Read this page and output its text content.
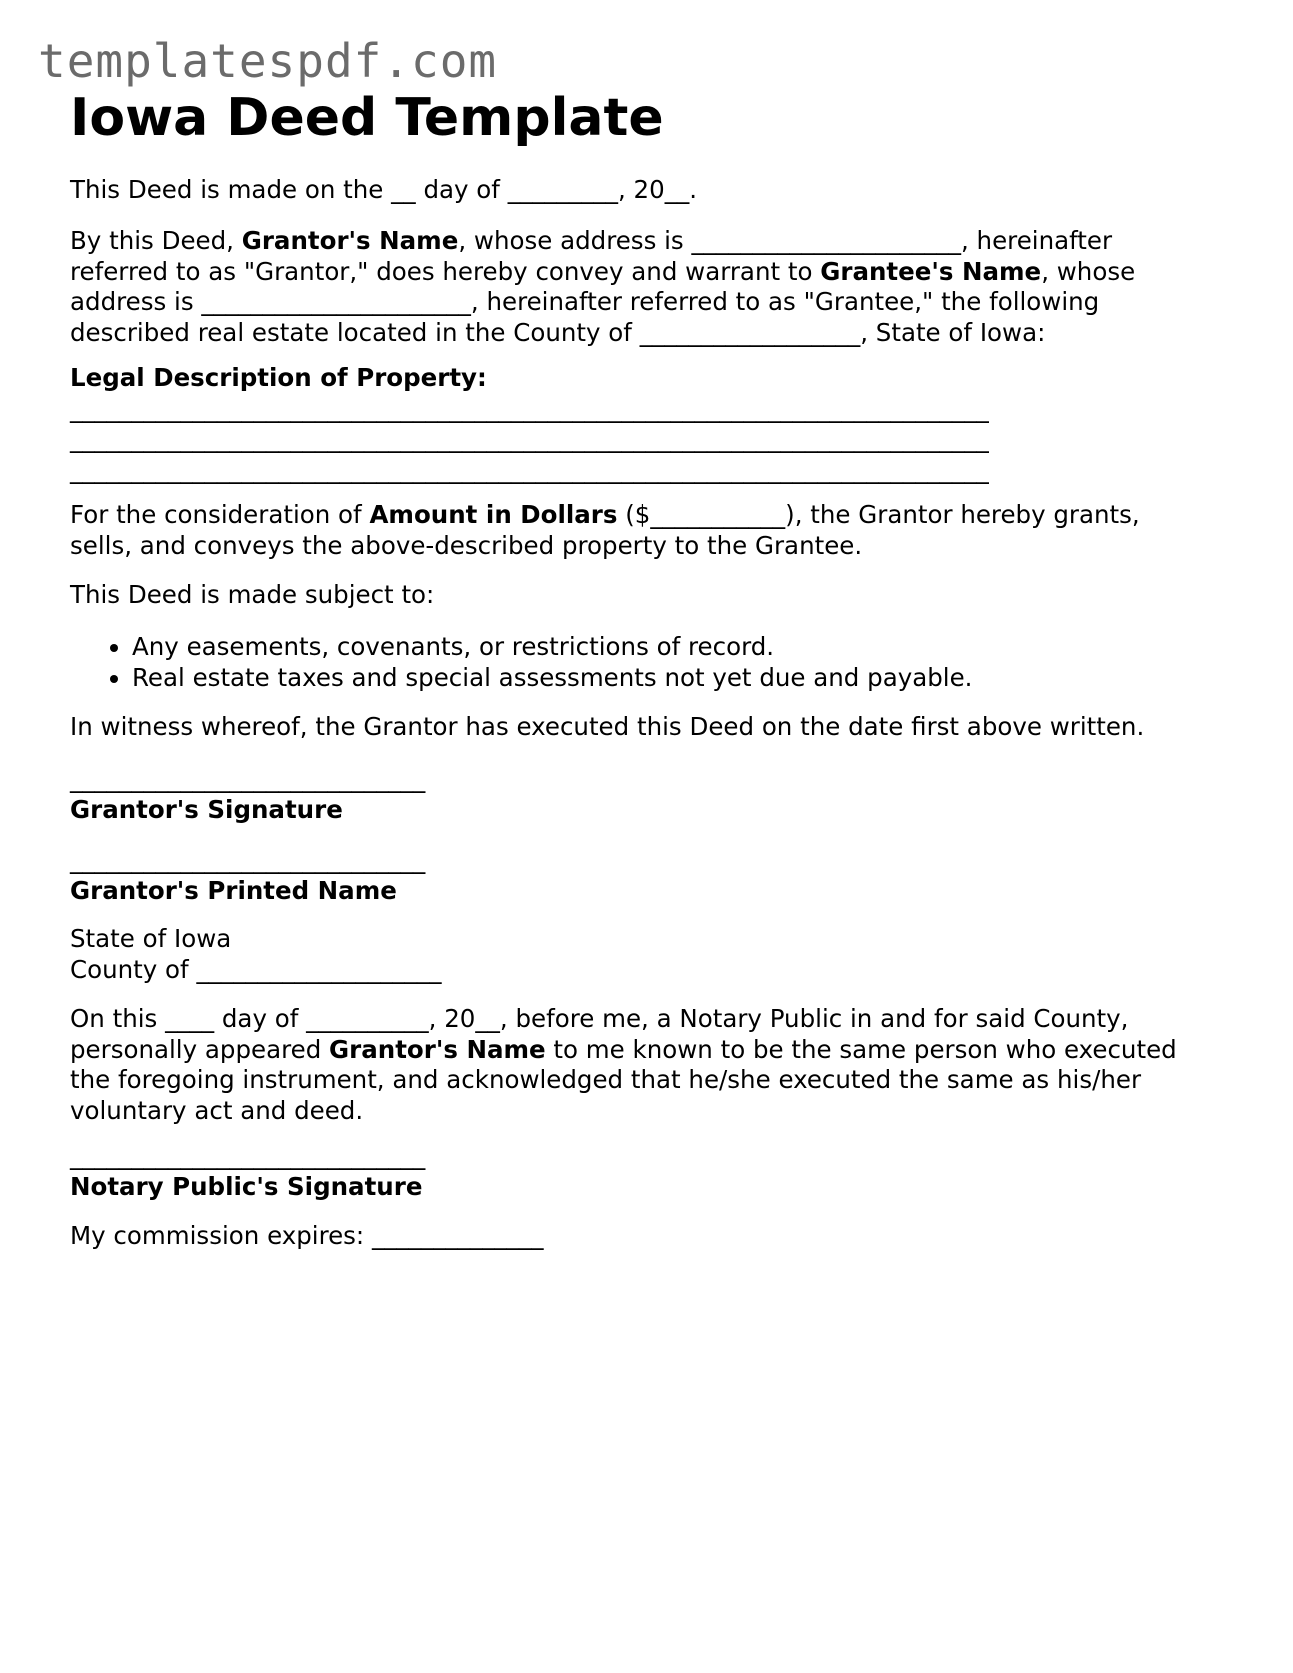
templatespdf.com
Iowa Deed Template

This Deed is made on the __ day of _________, 20__.

By this Deed, Grantor's Name, whose address is ______________________, hereinafter
referred to as "Grantor," does hereby convey and warrant to Grantee's Name, whose
address is ______________________, hereinafter referred to as "Grantee," the following
described real estate located in the County of __________________, State of Iowa:

Legal Description of Property:
___________________________________________________________________________
___________________________________________________________________________
___________________________________________________________________________

For the consideration of Amount in Dollars ($___________), the Grantor hereby grants,
sells, and conveys the above-described property to the Grantee.

This Deed is made subject to:

• Any easements, covenants, or restrictions of record.
• Real estate taxes and special assessments not yet due and payable.

In witness whereof, the Grantor has executed this Deed on the date first above written.

_____________________________
Grantor's Signature

_____________________________
Grantor's Printed Name

State of Iowa
County of ____________________

On this ____ day of __________, 20__, before me, a Notary Public in and for said County,
personally appeared Grantor's Name to me known to be the same person who executed
the foregoing instrument, and acknowledged that he/she executed the same as his/her
voluntary act and deed.

_____________________________
Notary Public's Signature

My commission expires: ______________
